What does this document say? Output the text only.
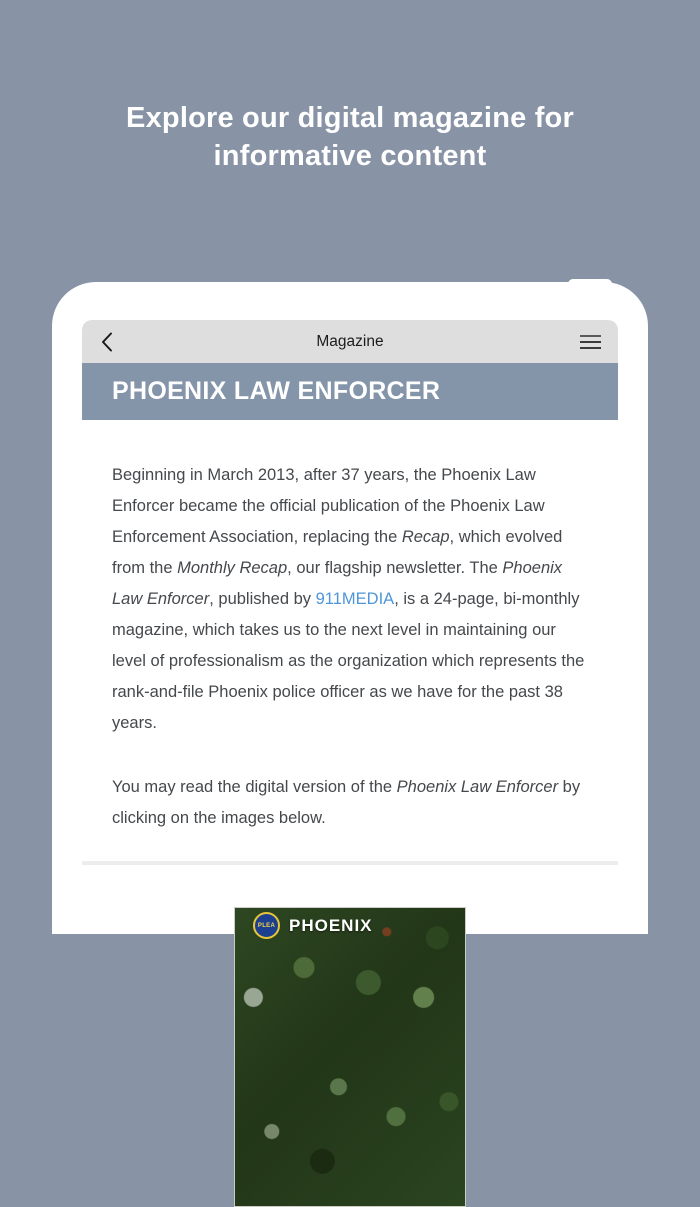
Explore our digital magazine for informative content
Magazine
PHOENIX LAW ENFORCER

Beginning in March 2013, after 37 years, the Phoenix Law Enforcer became the official publication of the Phoenix Law Enforcement Association, replacing the Recap, which evolved from the Monthly Recap, our flagship newsletter. The Phoenix Law Enforcer, published by 911MEDIA, is a 24-page, bi-monthly magazine, which takes us to the next level in maintaining our level of professionalism as the organization which represents the rank-and-file Phoenix police officer as we have for the past 38 years.

You may read the digital version of the Phoenix Law Enforcer by clicking on the images below.

PLEA PHOENIX
